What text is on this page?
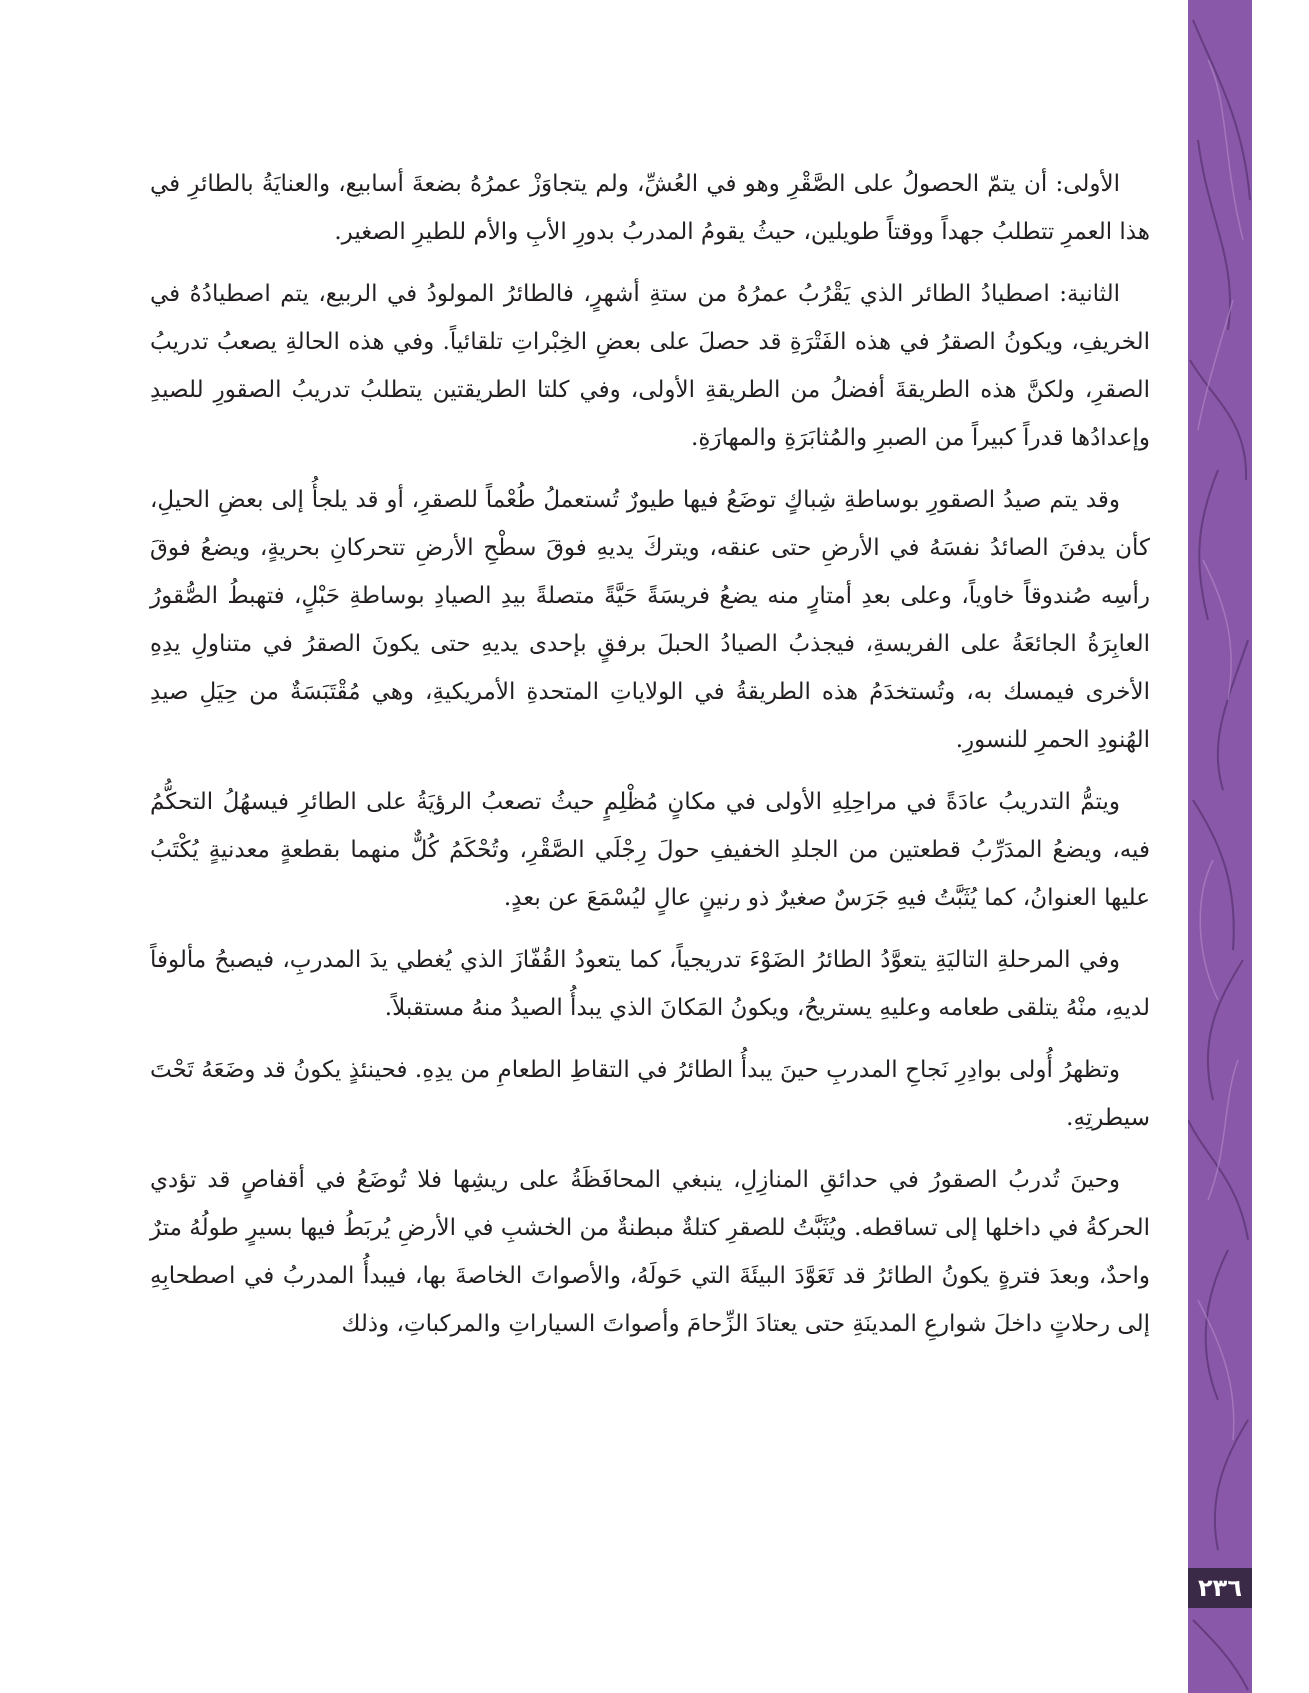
٢٣٦

الأولى: أن يتمّ الحصولُ على الصَّقْرِ وهو في العُشِّ، ولم يتجاوَزْ عمرُهُ بضعةَ أسابيع، والعنايَةُ بالطائرِ في هذا العمرِ تتطلبُ جهداً ووقتاً طويلين، حيثُ يقومُ المدربُ بدورِ الأبِ والأم للطيرِ الصغير.

الثانية: اصطيادُ الطائر الذي يَقْرُبُ عمرُهُ من ستةِ أشهرٍ، فالطائرُ المولودُ في الربيع، يتم اصطيادُهُ في الخريفِ، ويكونُ الصقرُ في هذه الفَتْرَةِ قد حصلَ على بعضِ الخِبْراتِ تلقائياً. وفي هذه الحالةِ يصعبُ تدريبُ الصقرِ، ولكنَّ هذه الطريقةَ أفضلُ من الطريقةِ الأولى، وفي كلتا الطريقتين يتطلبُ تدريبُ الصقورِ للصيدِ وإعدادُها قدراً كبيراً من الصبرِ والمُثابَرَةِ والمهارَةِ.

وقد يتم صيدُ الصقورِ بوساطةِ شِباكٍ توضَعُ فيها طيورٌ تُستعملُ طُعْماً للصقرِ، أو قد يلجأُ إلى بعضِ الحيلِ، كأن يدفنَ الصائدُ نفسَهُ في الأرضِ حتى عنقه، ويتركَ يديهِ فوقَ سطْحِ الأرضِ تتحركانِ بحريةٍ، ويضعُ فوقَ رأسِه صُندوقاً خاوياً، وعلى بعدِ أمتارٍ منه يضعُ فريسَةً حَيَّةً متصلةً بيدِ الصيادِ بوساطةِ حَبْلٍ، فتهبطُ الصُّقورُ العابِرَةُ الجائعَةُ على الفريسةِ، فيجذبُ الصيادُ الحبلَ برفقٍ بإحدى يديهِ حتى يكونَ الصقرُ في متناولِ يدِهِ الأخرى فيمسك به، وتُستخدَمُ هذه الطريقةُ في الولاياتِ المتحدةِ الأمريكيةِ، وهي مُقْتَبَسَةٌ من حِيَلِ صيدِ الهُنودِ الحمرِ للنسورِ.

ويتمُّ التدريبُ عادَةً في مراحِلِهِ الأولى في مكانٍ مُظْلِمٍ حيثُ تصعبُ الرؤيَةُ على الطائرِ فيسهُلُ التحكُّمُ فيه، ويضعُ المدَرِّبُ قطعتين من الجلدِ الخفيفِ حولَ رِجْلَي الصَّقْرِ، وتُحْكَمُ كُلٌّ منهما بقطعةٍ معدنيةٍ يُكْتَبُ عليها العنوانُ، كما يُثَبَّتُ فيهِ جَرَسٌ صغيرٌ ذو رنينٍ عالٍ ليُسْمَعَ عن بعدٍ.

وفي المرحلةِ التاليَةِ يتعوَّدُ الطائرُ الضَوْءَ تدريجياً، كما يتعودُ القُفّازَ الذي يُغطي يدَ المدربِ، فيصبحُ مألوفاً لديهِ، منْهُ يتلقى طعامه وعليهِ يستريحُ، ويكونُ المَكانَ الذي يبدأُ الصيدُ منهُ مستقبلاً.

وتظهرُ أُولى بوادِرِ نَجاحِ المدربِ حينَ يبدأُ الطائرُ في التقاطِ الطعامِ من يدِهِ. فحينئذٍ يكونُ قد وضَعَهُ تَحْتَ سيطرتِهِ.

وحينَ تُدربُ الصقورُ في حدائقِ المنازِلِ، ينبغي المحافَظَةُ على ريشِها فلا تُوضَعُ في أقفاصٍ قد تؤدي الحركةُ في داخلها إلى تساقطه. ويُثَبَّتُ للصقرِ كتلةٌ مبطنةٌ من الخشبِ في الأرضِ يُربَطُ فيها بسيرٍ طولُهُ مترٌ واحدٌ، وبعدَ فترةٍ يكونُ الطائرُ قد تَعَوَّدَ البيئَةَ التي حَولَهُ، والأصواتَ الخاصةَ بها، فيبدأُ المدربُ في اصطحابِهِ إلى رحلاتٍ داخلَ شوارعِ المدينَةِ حتى يعتادَ الزِّحامَ وأصواتَ السياراتِ والمركباتِ، وذلك
